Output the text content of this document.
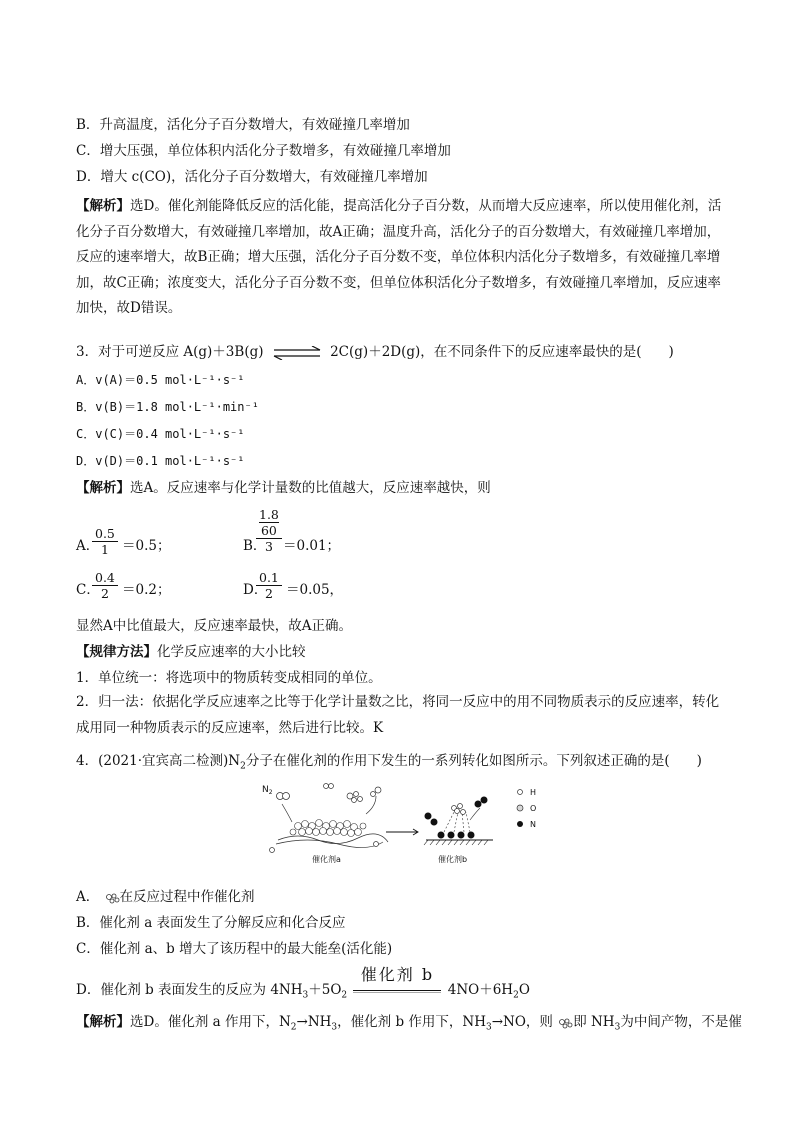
B．升高温度，活化分子百分数增大，有效碰撞几率增加
C．增大压强，单位体积内活化分子数增多，有效碰撞几率增加
D．增大 c(CO)，活化分子百分数增大，有效碰撞几率增加
【解析】选D。催化剂能降低反应的活化能，提高活化分子百分数，从而增大反应速率，所以使用催化剂，活化分子百分数增大，有效碰撞几率增加，故A正确；温度升高，活化分子的百分数增大，有效碰撞几率增加，反应的速率增大，故B正确；增大压强，活化分子百分数不变，单位体积内活化分子数增多，有效碰撞几率增加，故C正确；浓度变大，活化分子百分数不变，但单位体积活化分子数增多，有效碰撞几率增加，反应速率加快，故D错误。
3．对于可逆反应 A(g)＋3B(g) ⇌ 2C(g)＋2D(g)，在不同条件下的反应速率最快的是(　　)
A．v(A)＝0.5 mol·L⁻¹·s⁻¹
B．v(B)＝1.8 mol·L⁻¹·min⁻¹
C．v(C)＝0.4 mol·L⁻¹·s⁻¹
D．v(D)＝0.1 mol·L⁻¹·s⁻¹
【解析】选A。反应速率与化学计量数的比值越大，反应速率越快，则
A．
$\frac{0.5}{1} =0.5$；	B．
1.8
60
3 ＝0.01；
C．
$\frac{0.4}{2} =0.2$；	D．
$\frac{0.1}{2} =0.05$，
显然A中比值最大，反应速率最快，故A正确。
【规律方法】化学反应速率的大小比较
1．单位统一：将选项中的物质转变成相同的单位。
2．归一法：依据化学反应速率之比等于化学计量数之比，将同一反应中的用不同物质表示的反应速率，转化成用同一种物质表示的反应速率，然后进行比较。K
4．(2021·宜宾高二检测)$N_2$分子在催化剂的作用下发生的一系列转化如图所示。下列叙述正确的是(　　)
$N_2$
催化剂a	催化剂b
H
O
N
A． 在反应过程中作催化剂
B．催化剂 a 表面发生了分解反应和化合反应
C．催化剂 a、b 增大了该历程中的最大能垒(活化能)
D．催化剂 b 表面发生的反应为 $4NH_3+5O_2$
催化剂 b
$4NO+6H_2O$
【解析】选D。催化剂 a 作用下，$N_2\to NH_3$，催化剂 b 作用下，$NH_3\to NO$，则 即 $NH_3$为中间产物，不是催
